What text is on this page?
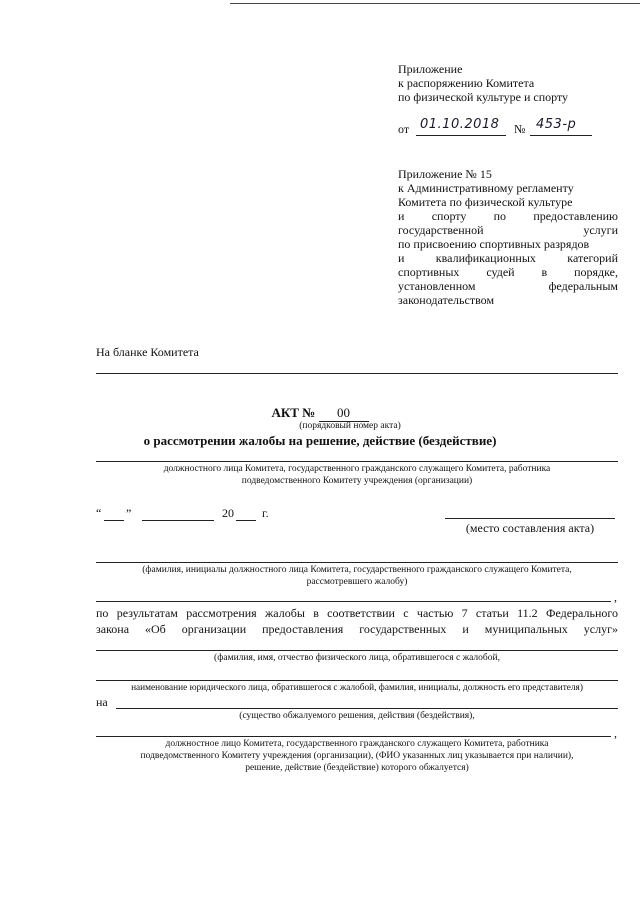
Приложение
к распоряжению Комитета
по физической культуре и спорту
от 01.10.2018 № 453-р
Приложение № 15
к Административному регламенту
Комитета по физической культуре
и спорту по предоставлению
государственной услуги
по присвоению спортивных разрядов
и квалификационных категорий
спортивных судей в порядке,
установленном федеральным
законодательством
На бланке Комитета
АКТ № 00
(порядковый номер акта)
о рассмотрении жалобы на решение, действие (бездействие)
должностного лица Комитета, государственного гражданского служащего Комитета, работника
подведомственного Комитету учреждения (организации)
“ ”	20 г.
(место составления акта)
(фамилия, инициалы должностного лица Комитета, государственного гражданского служащего Комитета,
рассмотревшего жалобу)
,
по результатам рассмотрения жалобы в соответствии с частью 7 статьи 11.2 Федерального
закона «Об организации предоставления государственных и муниципальных услуг»
(фамилия, имя, отчество физического лица, обратившегося с жалобой,
наименование юридического лица, обратившегося с жалобой, фамилия, инициалы, должность его представителя)
на
(существо обжалуемого решения, действия (бездействия),
,
должностное лицо Комитета, государственного гражданского служащего Комитета, работника
подведомственного Комитету учреждения (организации), (ФИО указанных лиц указывается при наличии),
решение, действие (бездействие) которого обжалуется)
